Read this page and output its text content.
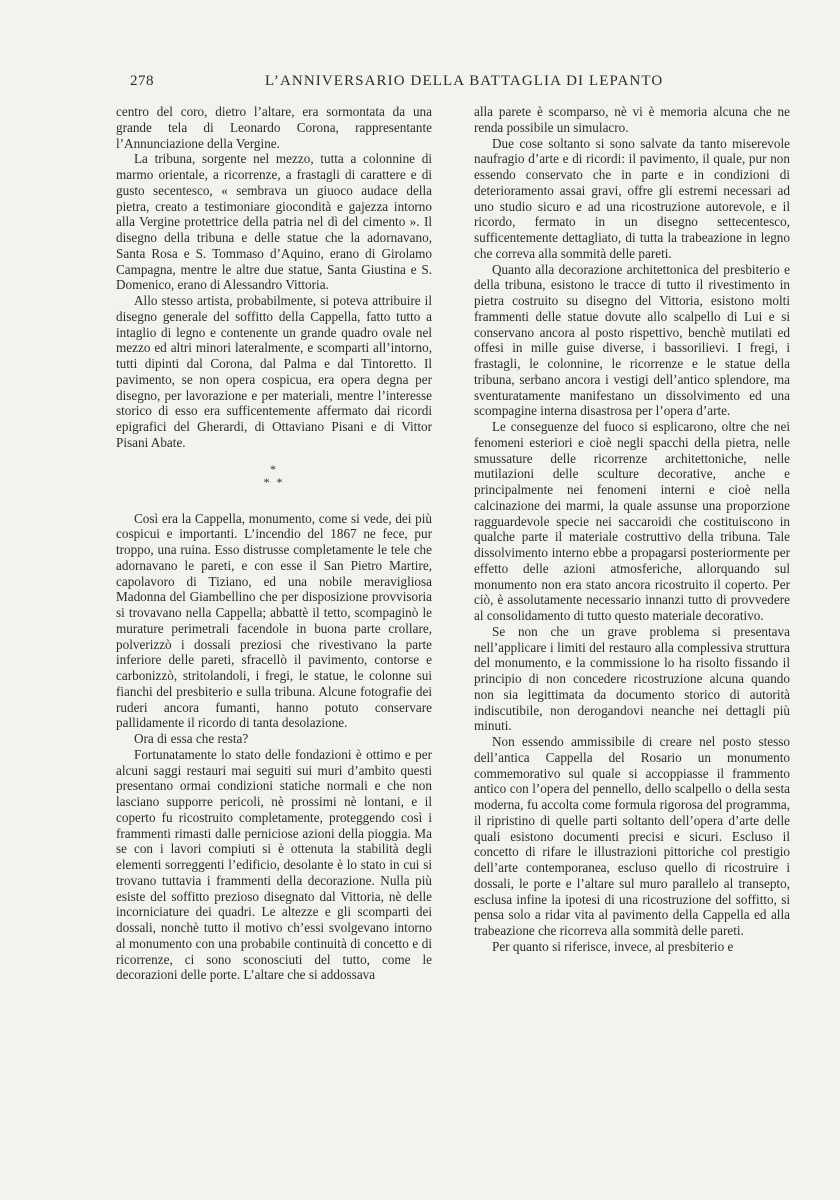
278	L’ANNIVERSARIO DELLA BATTAGLIA DI LEPANTO

centro del coro, dietro l’altare, era sormontata da una grande tela di Leonardo Corona, rappresentante l’Annunciazione della Vergine.

La tribuna, sorgente nel mezzo, tutta a colonnine di marmo orientale, a ricorrenze, a frastagli di carattere e di gusto secentesco, « sembrava un giuoco audace della pietra, creato a testimoniare giocondità e gajezza intorno alla Vergine protettrice della patria nel dì del cimento ». Il disegno della tribuna e delle statue che la adornavano, Santa Rosa e S. Tommaso d’Aquino, erano di Girolamo Campagna, mentre le altre due statue, Santa Giustina e S. Domenico, erano di Alessandro Vittoria.

Allo stesso artista, probabilmente, si poteva attribuire il disegno generale del soffitto della Cappella, fatto tutto a intaglio di legno e contenente un grande quadro ovale nel mezzo ed altri minori lateralmente, e scomparti all’intorno, tutti dipinti dal Corona, dal Palma e dal Tintoretto. Il pavimento, se non opera cospicua, era opera degna per disegno, per lavorazione e per materiali, mentre l’interesse storico di esso era sufficentemente affermato dai ricordi epigrafici del Gherardi, di Ottaviano Pisani e di Vittor Pisani Abate.

*
* *

Così era la Cappella, monumento, come si vede, dei più cospicui e importanti. L’incendio del 1867 ne fece, pur troppo, una ruina. Esso distrusse completamente le tele che adornavano le pareti, e con esse il San Pietro Martire, capolavoro di Tiziano, ed una nobile meravigliosa Madonna del Giambellino che per disposizione provvisoria si trovavano nella Cappella; abbattè il tetto, scompaginò le murature perimetrali facendole in buona parte crollare, polverizzò i dossali preziosi che rivestivano la parte inferiore delle pareti, sfracellò il pavimento, contorse e carbonizzò, stritolandoli, i fregi, le statue, le colonne sui fianchi del presbiterio e sulla tribuna. Alcune fotografie dei ruderi ancora fumanti, hanno potuto conservare pallidamente il ricordo di tanta desolazione.

Ora di essa che resta?

Fortunatamente lo stato delle fondazioni è ottimo e per alcuni saggi restauri mai seguiti sui muri d’ambito questi presentano ormai condizioni statiche normali e che non lasciano supporre pericoli, nè prossimi nè lontani, e il coperto fu ricostruito completamente, proteggendo così i frammenti rimasti dalle perniciose azioni della pioggia. Ma se con i lavori compiuti si è ottenuta la stabilità degli elementi sorreggenti l’edificio, desolante è lo stato in cui si trovano tuttavia i frammenti della decorazione. Nulla più esiste del soffitto prezioso disegnato dal Vittoria, nè delle incorniciature dei quadri. Le altezze e gli scomparti dei dossali, nonchè tutto il motivo ch’essi svolgevano intorno al monumento con una probabile continuità di concetto e di ricorrenze, ci sono sconosciuti del tutto, come le decorazioni delle porte. L’altare che si addossava

alla parete è scomparso, nè vi è memoria alcuna che ne renda possibile un simulacro.

Due cose soltanto si sono salvate da tanto miserevole naufragio d’arte e di ricordi: il pavimento, il quale, pur non essendo conservato che in parte e in condizioni di deterioramento assai gravi, offre gli estremi necessari ad uno studio sicuro e ad una ricostruzione autorevole, e il ricordo, fermato in un disegno settecentesco, sufficentemente dettagliato, di tutta la trabeazione in legno che correva alla sommità delle pareti.

Quanto alla decorazione architettonica del presbiterio e della tribuna, esistono le tracce di tutto il rivestimento in pietra costruito su disegno del Vittoria, esistono molti frammenti delle statue dovute allo scalpello di Lui e si conservano ancora al posto rispettivo, benchè mutilati ed offesi in mille guise diverse, i bassorilievi. I fregi, i frastagli, le colonnine, le ricorrenze e le statue della tribuna, serbano ancora i vestigi dell’antico splendore, ma sventuratamente manifestano un dissolvimento ed una scompagine interna disastrosa per l’opera d’arte.

Le conseguenze del fuoco si esplicarono, oltre che nei fenomeni esteriori e cioè negli spacchi della pietra, nelle smussature delle ricorrenze architettoniche, nelle mutilazioni delle sculture decorative, anche e principalmente nei fenomeni interni e cioè nella calcinazione dei marmi, la quale assunse una proporzione ragguardevole specie nei saccaroidi che costituiscono in qualche parte il materiale costruttivo della tribuna. Tale dissolvimento interno ebbe a propagarsi posteriormente per effetto delle azioni atmosferiche, allorquando sul monumento non era stato ancora ricostruito il coperto. Per ciò, è assolutamente necessario innanzi tutto di provvedere al consolidamento di tutto questo materiale decorativo.

Se non che un grave problema si presentava nell’applicare i limiti del restauro alla complessiva struttura del monumento, e la commissione lo ha risolto fissando il principio di non concedere ricostruzione alcuna quando non sia legittimata da documento storico di autorità indiscutibile, non derogandovi neanche nei dettagli più minuti.

Non essendo ammissibile di creare nel posto stesso dell’antica Cappella del Rosario un monumento commemorativo sul quale si accoppiasse il frammento antico con l’opera del pennello, dello scalpello o della sesta moderna, fu accolta come formula rigorosa del programma, il ripristino di quelle parti soltanto dell’opera d’arte delle quali esistono documenti precisi e sicuri. Escluso il concetto di rifare le illustrazioni pittoriche col prestigio dell’arte contemporanea, escluso quello di ricostruire i dossali, le porte e l’altare sul muro parallelo al transepto, esclusa infine la ipotesi di una ricostruzione del soffitto, si pensa solo a ridar vita al pavimento della Cappella ed alla trabeazione che ricorreva alla sommità delle pareti.

Per quanto si riferisce, invece, al presbiterio e
